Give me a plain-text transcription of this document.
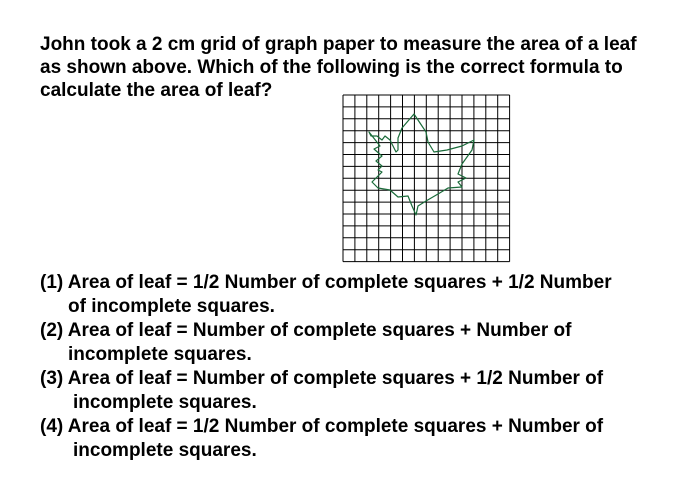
John took a 2 cm grid of graph paper to measure the area of a leaf
as shown above. Which of the following is the correct formula to
calculate the area of leaf?
(1) Area of leaf = 1/2 Number of complete squares + 1/2 Number
of incomplete squares.
(2) Area of leaf = Number of complete squares + Number of
incomplete squares.
(3) Area of leaf = Number of complete squares + 1/2 Number of
incomplete squares.
(4) Area of leaf = 1/2 Number of complete squares + Number of
incomplete squares.
